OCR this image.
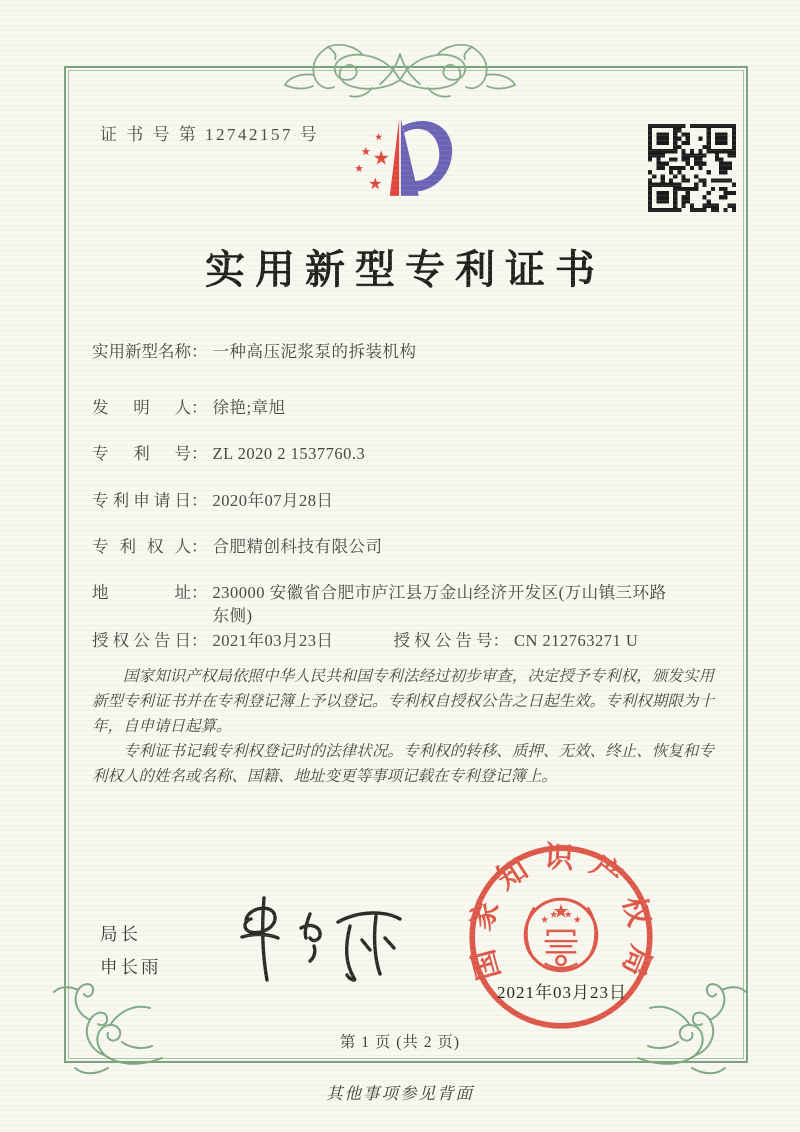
证 书 号 第 12742157 号
实用新型专利证书
实用新型名称 ： 一种高压泥浆泵的拆装机构
发明人 ： 徐艳;章旭
专利号 ： ZL 2020 2 1537760.3
专利申请日 ： 2020年07月28日
专利权人 ： 合肥精创科技有限公司
地址 ： 230000 安徽省合肥市庐江县万金山经济开发区(万山镇三环路东侧)
授权公告日 ： 2021年03月23日	授权公告号 ： CN 212763271 U

国家知识产权局依照中华人民共和国专利法经过初步审查，决定授予专利权，颁发实用新型专利证书并在专利登记簿上予以登记。专利权自授权公告之日起生效。专利权期限为十年，自申请日起算。

专利证书记载专利权登记时的法律状况。专利权的转移、质押、无效、终止、恢复和专利权人的姓名或名称、国籍、地址变更等事项记载在专利登记簿上。

局长
申长雨	国家知识产权局
2021年03月23日
第 1 页 (共 2 页)
其他事项参见背面
